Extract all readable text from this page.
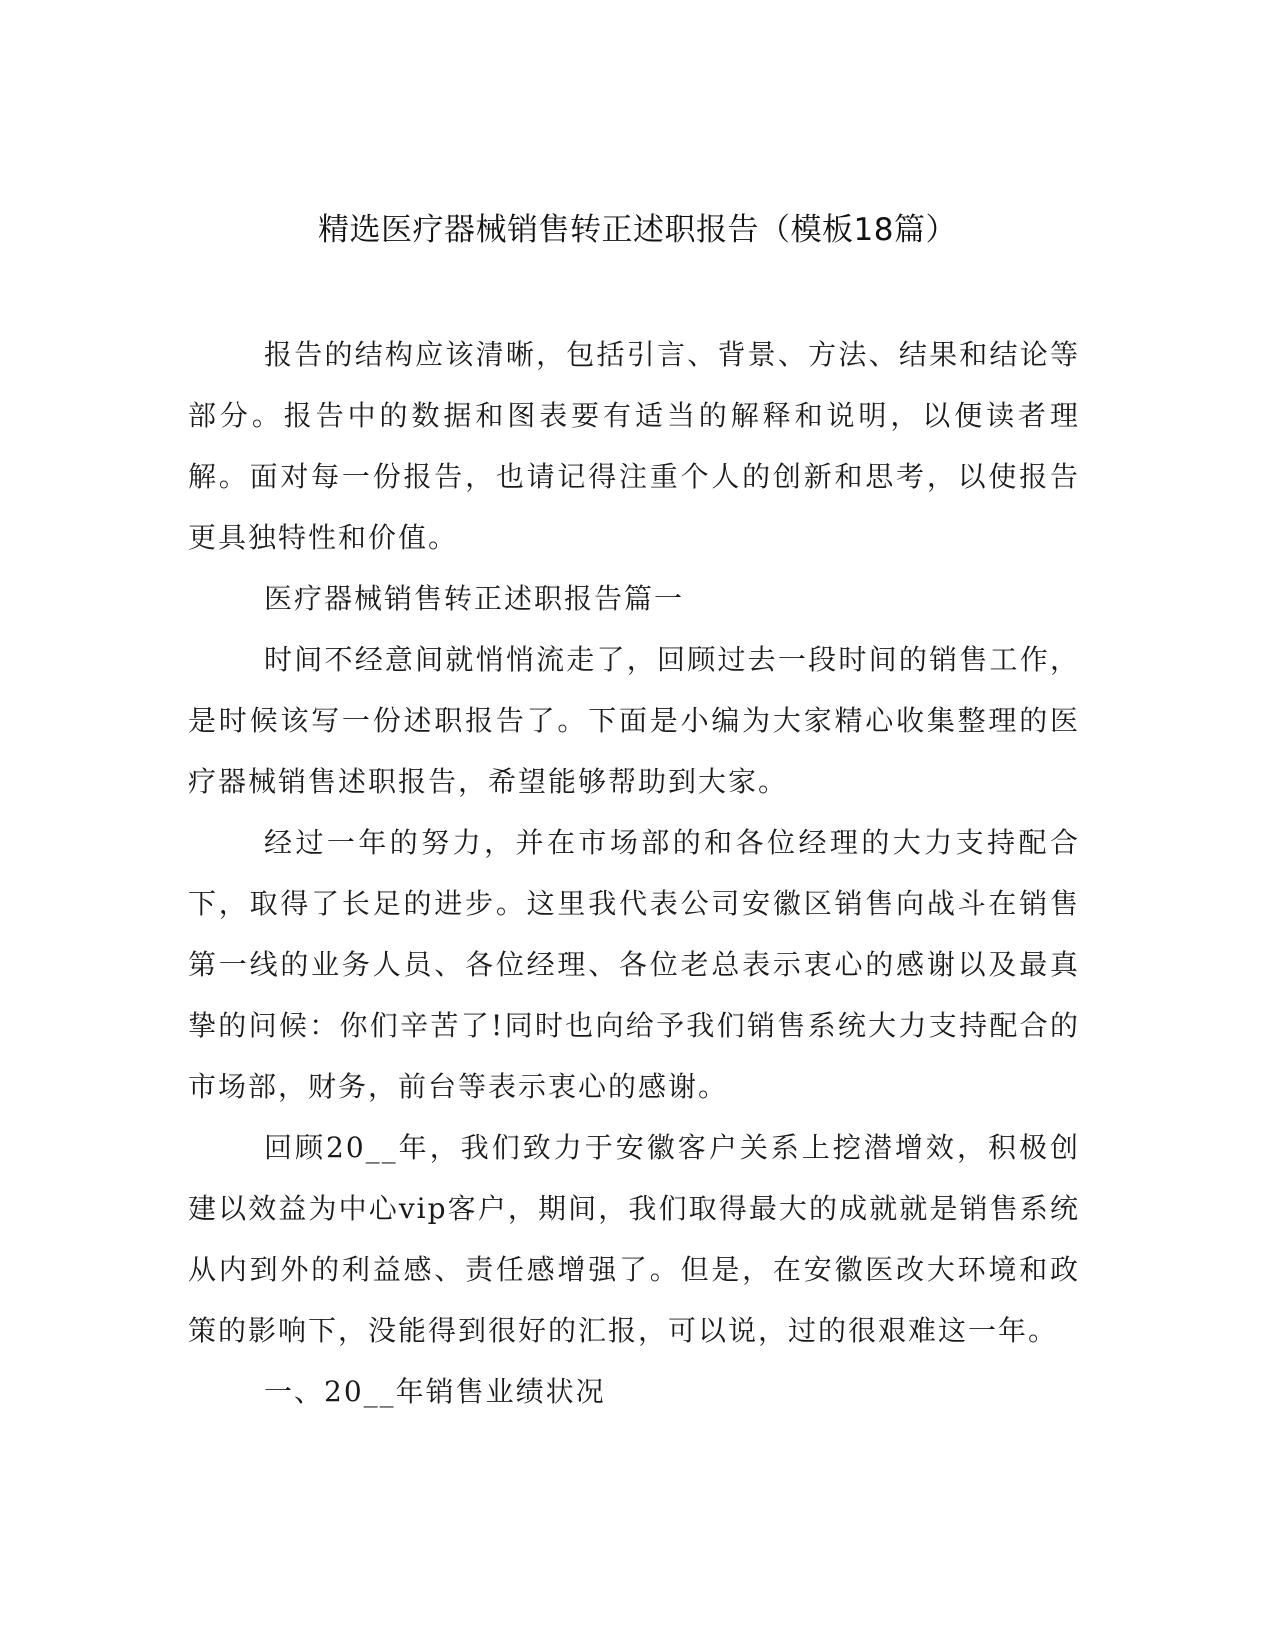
精选医疗器械销售转正述职报告（模板18篇）

报告的结构应该清晰，包括引言、背景、方法、结果和结论等部分。报告中的数据和图表要有适当的解释和说明，以便读者理解。面对每一份报告，也请记得注重个人的创新和思考，以使报告更具独特性和价值。

医疗器械销售转正述职报告篇一

时间不经意间就悄悄流走了，回顾过去一段时间的销售工作，是时候该写一份述职报告了。下面是小编为大家精心收集整理的医疗器械销售述职报告，希望能够帮助到大家。

经过一年的努力，并在市场部的和各位经理的大力支持配合下，取得了长足的进步。这里我代表公司安徽区销售向战斗在销售第一线的业务人员、各位经理、各位老总表示衷心的感谢以及最真挚的问候：你们辛苦了!同时也向给予我们销售系统大力支持配合的市场部，财务，前台等表示衷心的感谢。

回顾20__年，我们致力于安徽客户关系上挖潜增效，积极创建以效益为中心vip客户，期间，我们取得最大的成就就是销售系统从内到外的利益感、责任感增强了。但是，在安徽医改大环境和政策的影响下，没能得到很好的汇报，可以说，过的很艰难这一年。

一、20__年销售业绩状况
